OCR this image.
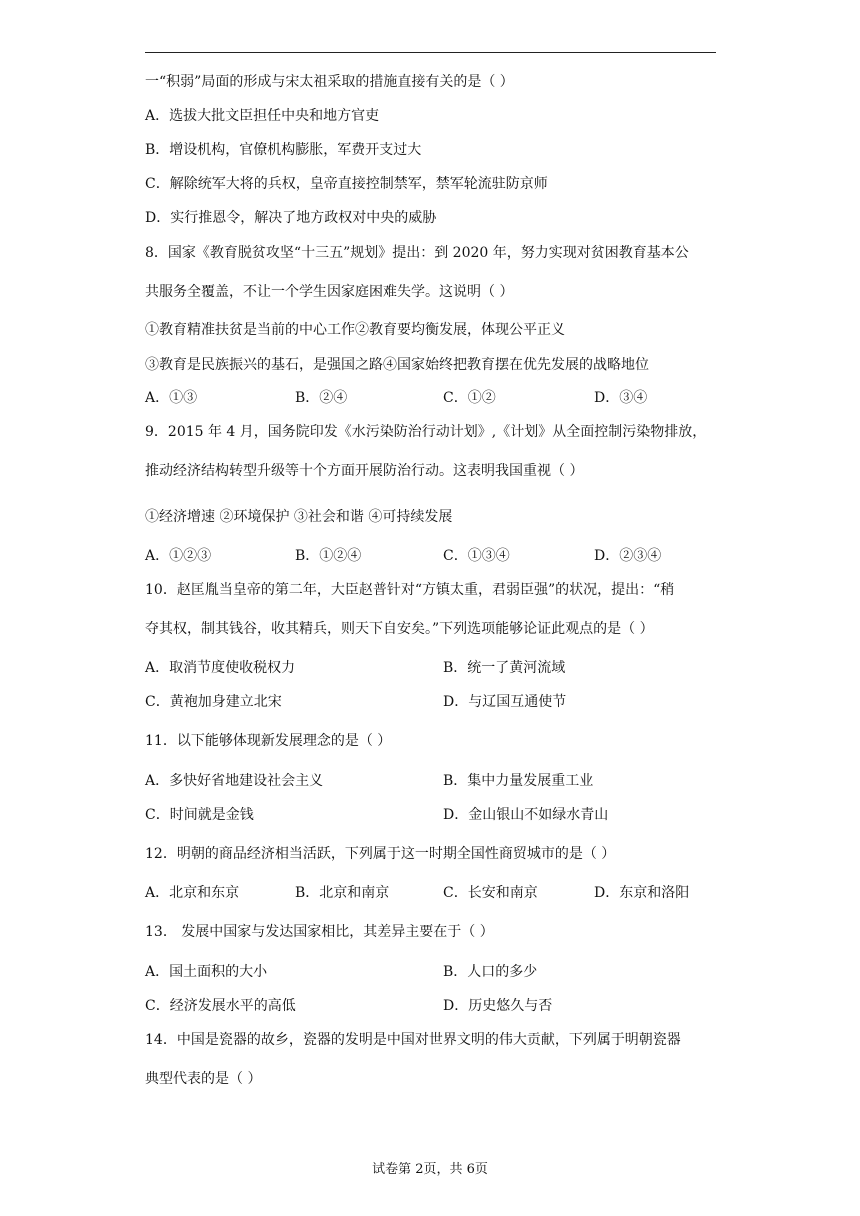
一“积弱”局面的形成与宋太祖采取的措施直接有关的是（ ）
A．选拔大批文臣担任中央和地方官吏
B．增设机构，官僚机构膨胀，军费开支过大
C．解除统军大将的兵权，皇帝直接控制禁军，禁军轮流驻防京师
D．实行推恩令，解决了地方政权对中央的威胁
8．国家《教育脱贫攻坚“十三五”规划》提出：到 2020 年，努力实现对贫困教育基本公
共服务全覆盖，不让一个学生因家庭困难失学。这说明（ ）
①教育精准扶贫是当前的中心工作②教育要均衡发展，体现公平正义
③教育是民族振兴的基石，是强国之路④国家始终把教育摆在优先发展的战略地位
A．①③	B．②④	C．①②	D．③④
9．2015 年 4 月，国务院印发《水污染防治行动计划》,《计划》从全面控制污染物排放，
推动经济结构转型升级等十个方面开展防治行动。这表明我国重视（ ）
①经济增速 ②环境保护 ③社会和谐 ④可持续发展
A．①②③	B．①②④	C．①③④	D．②③④
10．赵匡胤当皇帝的第二年，大臣赵普针对“方镇太重，君弱臣强”的状况，提出：“稍
夺其权，制其钱谷，收其精兵，则天下自安矣。”下列选项能够论证此观点的是（ ）
A．取消节度使收税权力	B．统一了黄河流域
C．黄袍加身建立北宋	D．与辽国互通使节
11．以下能够体现新发展理念的是（ ）
A．多快好省地建设社会主义	B．集中力量发展重工业
C．时间就是金钱	D．金山银山不如绿水青山
12．明朝的商品经济相当活跃，下列属于这一时期全国性商贸城市的是（ ）
A．北京和东京	B．北京和南京	C．长安和南京	D．东京和洛阳
13． 发展中国家与发达国家相比，其差异主要在于（ ）
A．国土面积的大小	B．人口的多少
C．经济发展水平的高低	D．历史悠久与否
14．中国是瓷器的故乡，瓷器的发明是中国对世界文明的伟大贡献，下列属于明朝瓷器
典型代表的是（ ）
试卷第 2页，共 6页
